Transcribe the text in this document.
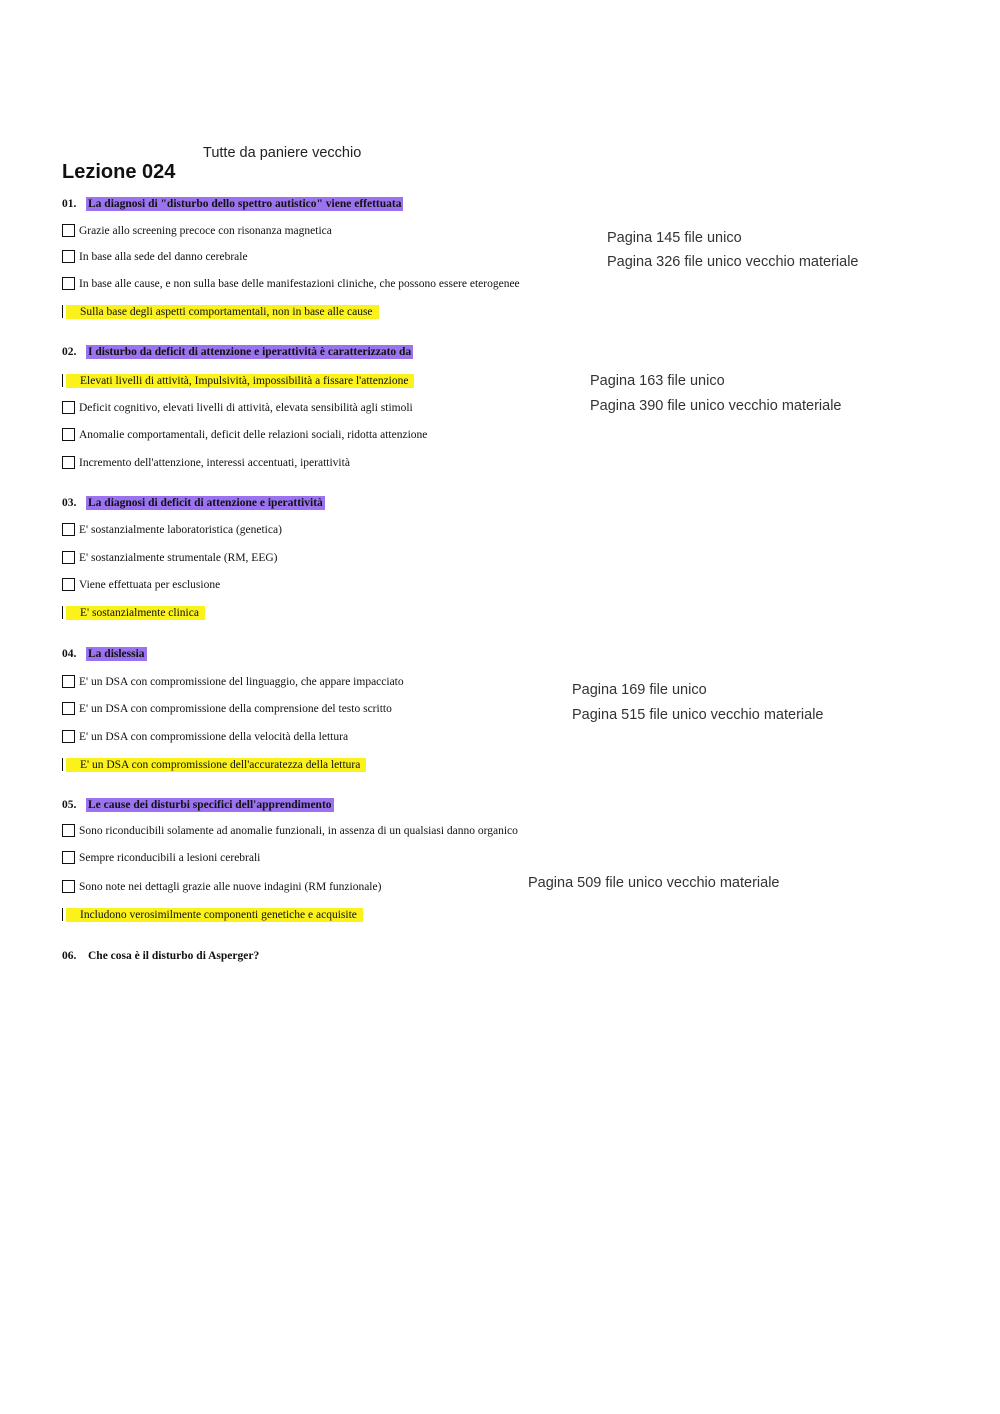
Tutte da paniere vecchio
Lezione 024
01. La diagnosi di "disturbo dello spettro autistico" viene effettuata
Grazie allo screening precoce con risonanza magnetica
In base alla sede del danno cerebrale
In base alle cause, e non sulla base delle manifestazioni cliniche, che possono essere eterogenee
Sulla base degli aspetti comportamentali, non in base alle cause
Pagina 145 file unico
Pagina 326 file unico vecchio materiale
02. I disturbo da deficit di attenzione e iperattività è caratterizzato da
Elevati livelli di attività, Impulsività, impossibilità a fissare l'attenzione
Deficit cognitivo, elevati livelli di attività, elevata sensibilità agli stimoli
Anomalie comportamentali, deficit delle relazioni sociali, ridotta attenzione
Incremento dell'attenzione, interessi accentuati, iperattività
Pagina 163 file unico
Pagina 390 file unico vecchio materiale
03. La diagnosi di deficit di attenzione e iperattività
E' sostanzialmente laboratoristica (genetica)
E' sostanzialmente strumentale (RM, EEG)
Viene effettuata per esclusione
E' sostanzialmente clinica
04. La dislessia
E' un DSA con compromissione del linguaggio, che appare impacciato
E' un DSA con compromissione della comprensione del testo scritto
E' un DSA con compromissione della velocità della lettura
E' un DSA con compromissione dell'accuratezza della lettura
Pagina 169 file unico
Pagina 515 file unico vecchio materiale
05. Le cause dei disturbi specifici dell'apprendimento
Sono riconducibili solamente ad anomalie funzionali, in assenza di un qualsiasi danno organico
Sempre riconducibili a lesioni cerebrali
Sono note nei dettagli grazie alle nuove indagini (RM funzionale)
Includono verosimilmente componenti genetiche e acquisite
Pagina 509 file unico vecchio materiale
06. Che cosa è il disturbo di Asperger?
